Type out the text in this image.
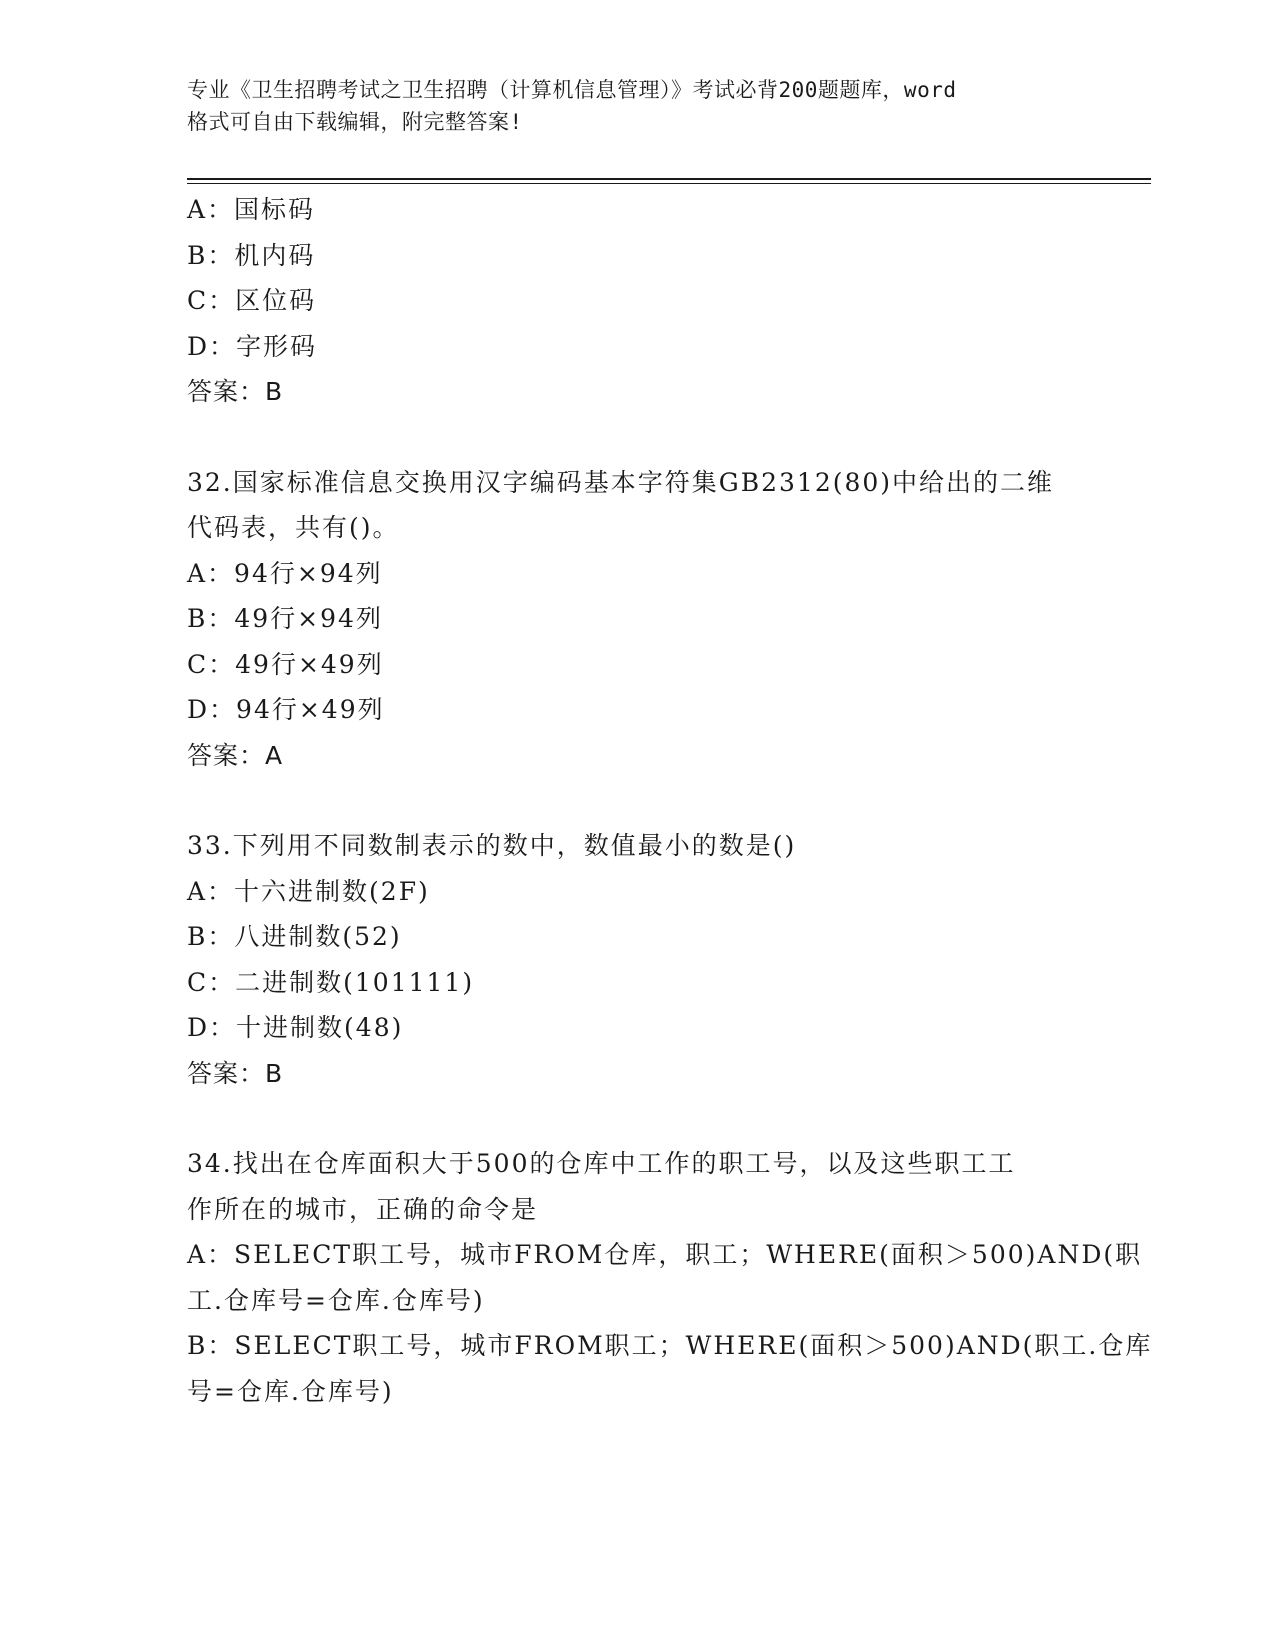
专业《卫生招聘考试之卫生招聘（计算机信息管理）》考试必背200题题库，word
格式可自由下载编辑，附完整答案!
A：国标码
B：机内码
C：区位码
D：字形码
答案：B
32.国家标准信息交换用汉字编码基本字符集GB2312(80)中给出的二维
代码表，共有()。
A：94行×94列
B：49行×94列
C：49行×49列
D：94行×49列
答案：A
33.下列用不同数制表示的数中，数值最小的数是()
A：十六进制数(2F)
B：八进制数(52)
C：二进制数(101111)
D：十进制数(48)
答案：B
34.找出在仓库面积大于500的仓库中工作的职工号，以及这些职工工
作所在的城市，正确的命令是
A：SELECT职工号，城市FROM仓库，职工；WHERE(面积＞500)AND(职
工.仓库号=仓库.仓库号)
B：SELECT职工号，城市FROM职工；WHERE(面积＞500)AND(职工.仓库
号=仓库.仓库号)
